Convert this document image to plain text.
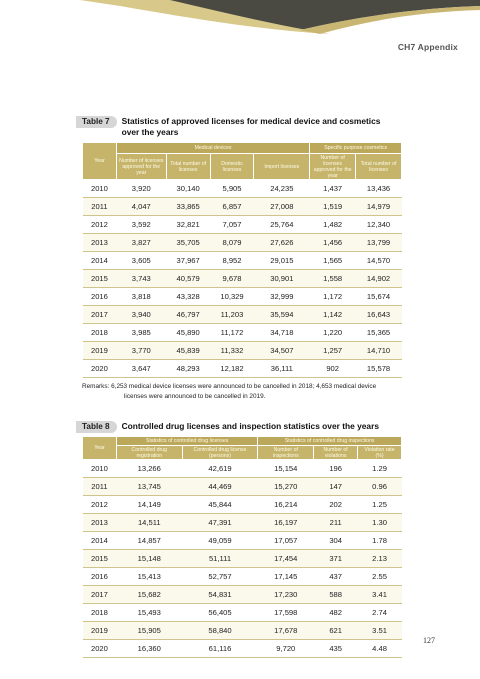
CH7 Appendix
Table 7	Statistics of approved licenses for medical device and cosmetics over the years
Year	Medical devices				Specific purpose cosmetics	
	Number of licenses approved for the year	Total number of licenses	Domestic licenses	Import licenses	Number of licenses approved for the year	Total number of licenses
2010	3,920	30,140	5,905	24,235	1,437	13,436
2011	4,047	33,865	6,857	27,008	1,519	14,979
2012	3,592	32,821	7,057	25,764	1,482	12,340
2013	3,827	35,705	8,079	27,626	1,456	13,799
2014	3,605	37,967	8,952	29,015	1,565	14,570
2015	3,743	40,579	9,678	30,901	1,558	14,902
2016	3,818	43,328	10,329	32,999	1,172	15,674
2017	3,940	46,797	11,203	35,594	1,142	16,643
2018	3,985	45,890	11,172	34,718	1,220	15,365
2019	3,770	45,839	11,332	34,507	1,257	14,710
2020	3,647	48,293	12,182	36,111	902	15,578
Remarks: 6,253 medical device licenses were announced to be cancelled in 2018; 4,653 medical device
licenses were announced to be cancelled in 2019.
Table 8	Controlled drug licenses and inspection statistics over the years
Year	Statistics of controlled drug licenses		Statistics of controlled drug inspections		
	Controlled drug registration	Controlled drug license (persons)	Number of inspections	Number of violations	Violation rate (%)
2010	13,266	42,619	15,154	196	1.29
2011	13,745	44,469	15,270	147	0.96
2012	14,149	45,844	16,214	202	1.25
2013	14,511	47,391	16,197	211	1.30
2014	14,857	49,059	17,057	304	1.78
2015	15,148	51,111	17,454	371	2.13
2016	15,413	52,757	17,145	437	2.55
2017	15,682	54,831	17,230	588	3.41
2018	15,493	56,405	17,598	482	2.74
2019	15,905	58,840	17,678	621	3.51
2020	16,360	61,116	9,720	435	4.48
127
